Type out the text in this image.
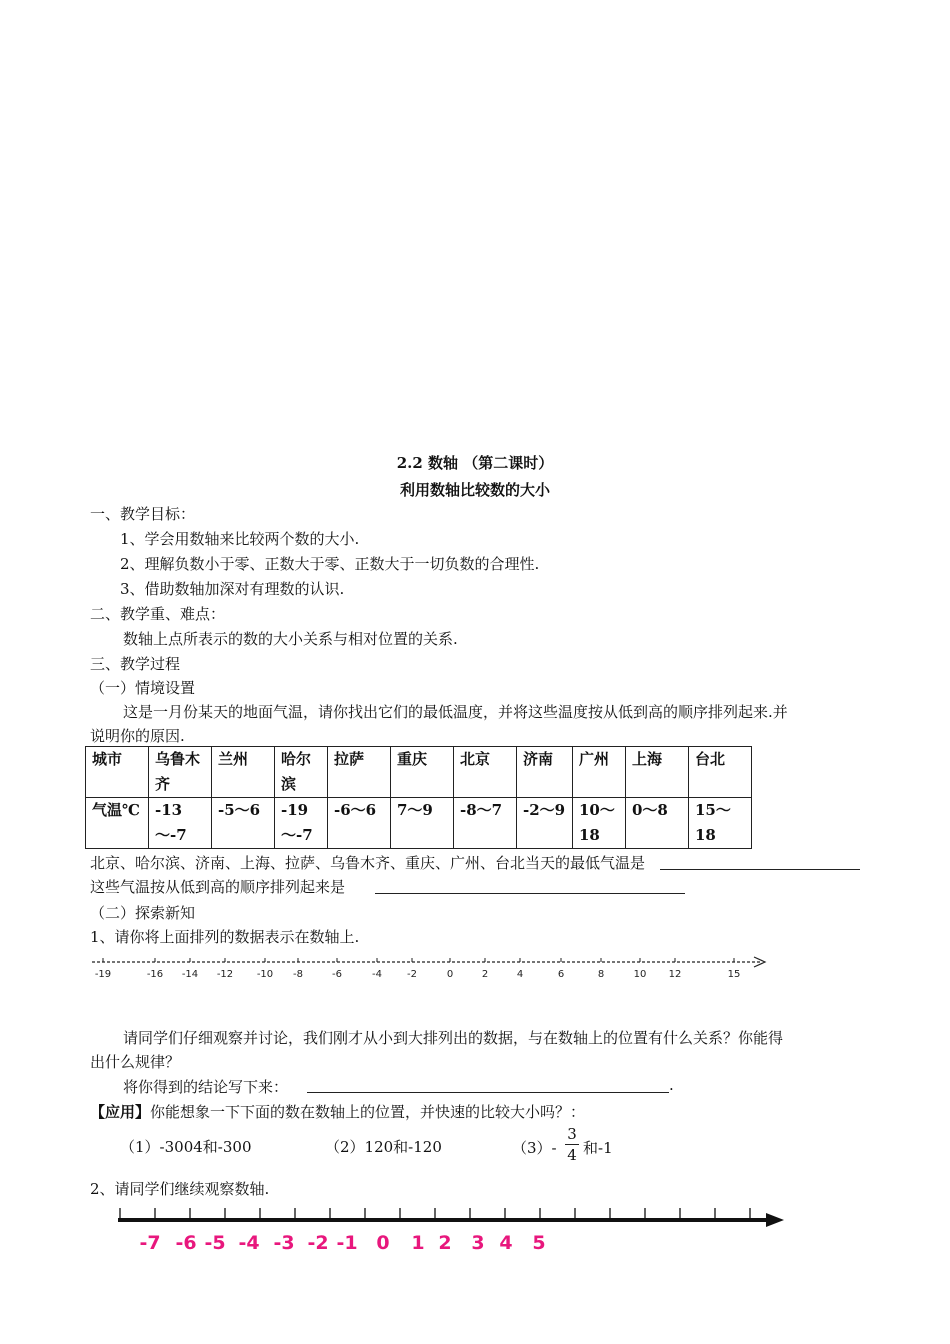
2.2 数轴 （第二课时）
利用数轴比较数的大小
一、教学目标：
1、学会用数轴来比较两个数的大小.
2、理解负数小于零、正数大于零、正数大于一切负数的合理性.
3、借助数轴加深对有理数的认识.
二、教学重、难点：
数轴上点所表示的数的大小关系与相对位置的关系.
三、教学过程
（一）情境设置
这是一月份某天的地面气温，请你找出它们的最低温度，并将这些温度按从低到高的顺序排列起来.并
说明你的原因.
城市	乌鲁木齐	兰州	哈尔滨	拉萨	重庆	北京	济南	广州	上海	台北
气温℃	-13～-7	-5～6	-19～-7	-6～6	7～9	-8～7	-2～9	10～18	0～8	15～18
北京、哈尔滨、济南、上海、拉萨、乌鲁木齐、重庆、广州、台北当天的最低气温是
这些气温按从低到高的顺序排列起来是
（二）探索新知
1、请你将上面排列的数据表示在数轴上.
-19	-16 -14 -12 -10 -8	-6	-4	-2	0	2	4	6	8	10 12	15
请同学们仔细观察并讨论，我们刚才从小到大排列出的数据，与在数轴上的位置有什么关系？你能得
出什么规律？
将你得到的结论写下来：	.
【应用】你能想象一下下面的数在数轴上的位置，并快速的比较大小吗？：
（1）-3004和-300	（2）120和-120	（3）-
3
4 和-1
2、请同学们继续观察数轴.
-7 -6 -5 -4 -3 -2 -1 0 1 2 3 4 5
